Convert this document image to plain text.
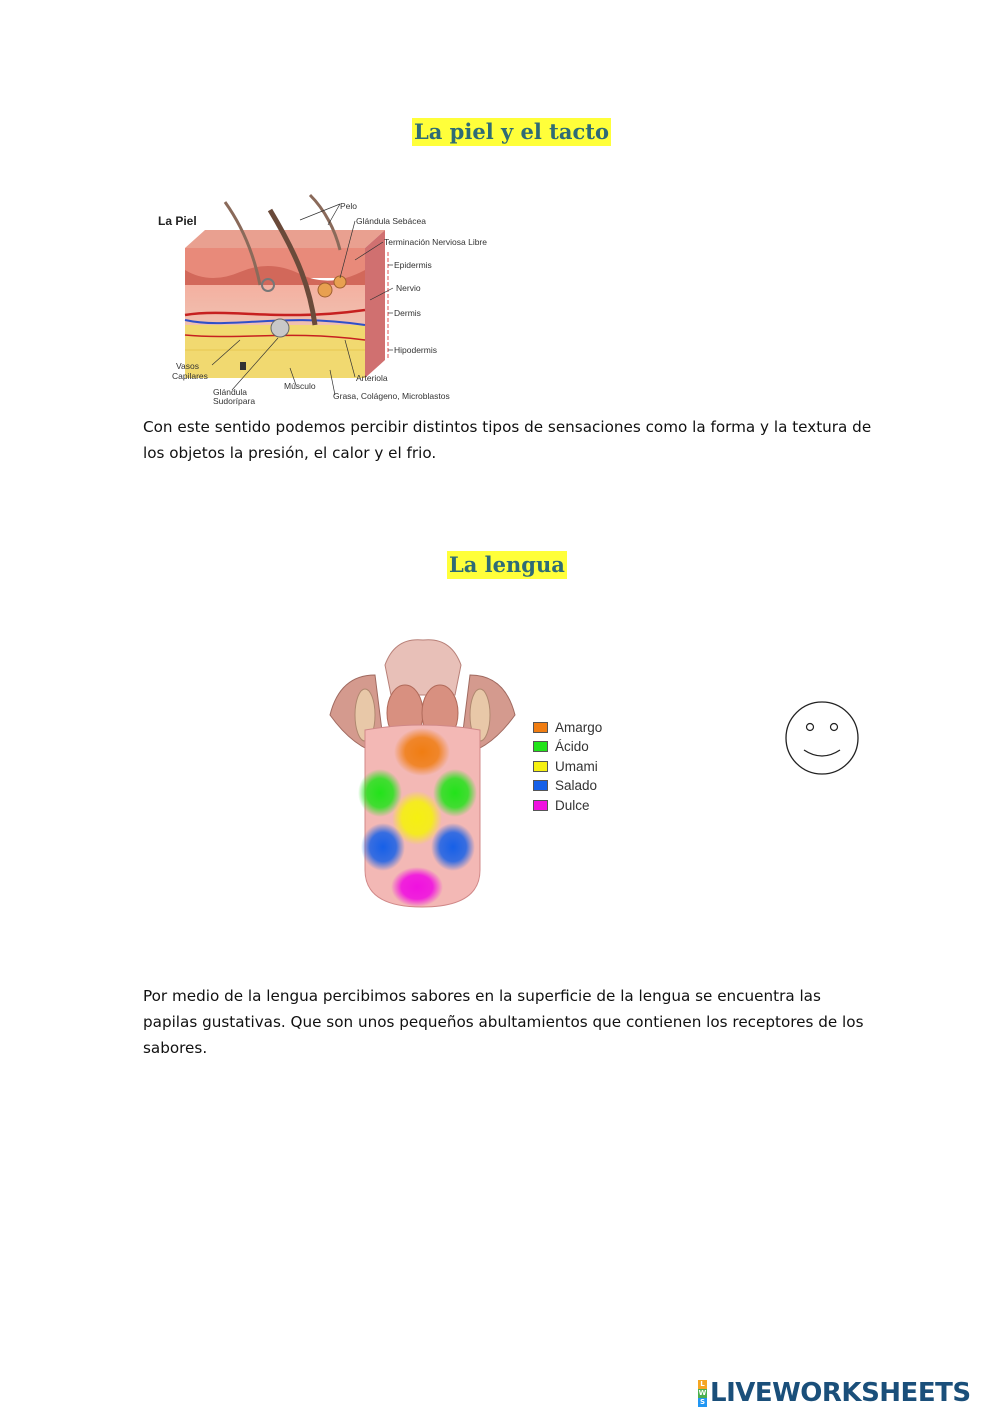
La piel y el tacto
La Piel
Pelo
Glándula Sebácea
Terminación Nerviosa Libre
Epidermis
Nervio
Dermis
Hipodermis
Vasos
Capilares
Glándula
Sudorípara
Músculo
Arteriola
Grasa, Colágeno, Microblastos
Con este sentido podemos percibir distintos tipos de sensaciones como la forma y la textura de
los objetos la presión, el calor y el frio.
La lengua
Amargo
Ácido
Umami
Salado
Dulce
Por medio de la lengua percibimos sabores en la superficie de la lengua se encuentra las
papilas gustativas. Que son unos pequeños abultamientos que contienen los receptores de los
sabores.
L
W
S LIVEWORKSHEETS
